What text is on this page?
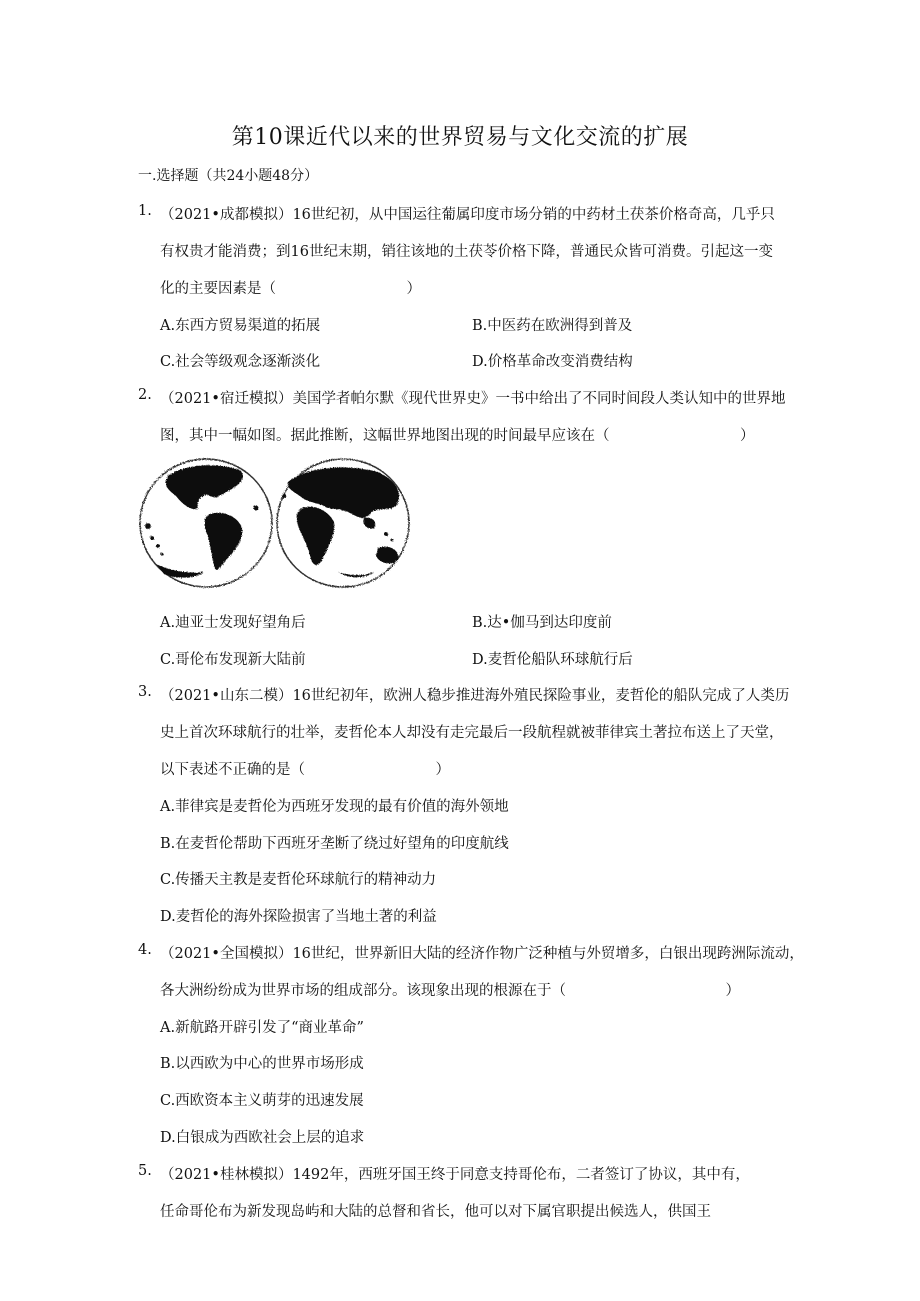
第10课近代以来的世界贸易与文化交流的扩展
一.选择题（共24小题48分）
1. （2021•成都模拟）16世纪初，从中国运往葡属印度市场分销的中药材土茯茶价格奇高，几乎只
有权贵才能消费；到16世纪末期，销往该地的土茯苓价格下降，普通民众皆可消费。引起这一变
化的主要因素是（　　　　　　　　　）
A.东西方贸易渠道的拓展	B.中医药在欧洲得到普及
C.社会等级观念逐渐淡化	D.价格革命改变消费结构
2. （2021•宿迁模拟）美国学者帕尔默《现代世界史》一书中给出了不同时间段人类认知中的世界地
图，其中一幅如图。据此推断，这幅世界地图出现的时间最早应该在（　　　　　　　　　）
A.迪亚士发现好望角后	B.达•伽马到达印度前
C.哥伦布发现新大陆前	D.麦哲伦船队环球航行后
3. （2021•山东二模）16世纪初年，欧洲人稳步推进海外殖民探险事业，麦哲伦的船队完成了人类历
史上首次环球航行的壮举，麦哲伦本人却没有走完最后一段航程就被菲律宾土著拉布送上了天堂，
以下表述不正确的是（　　　　　　　　　）
A.菲律宾是麦哲伦为西班牙发现的最有价值的海外领地
B.在麦哲伦帮助下西班牙垄断了绕过好望角的印度航线
C.传播天主教是麦哲伦环球航行的精神动力
D.麦哲伦的海外探险损害了当地土著的利益
4. （2021•全国模拟）16世纪，世界新旧大陆的经济作物广泛种植与外贸增多，白银出现跨洲际流动，
各大洲纷纷成为世界市场的组成部分。该现象出现的根源在于（　　　　　　　　　　　）
A.新航路开辟引发了“商业革命”
B.以西欧为中心的世界市场形成
C.西欧资本主义萌芽的迅速发展
D.白银成为西欧社会上层的追求
5. （2021•桂林模拟）1492年，西班牙国王终于同意支持哥伦布，二者签订了协议，其中有，
任命哥伦布为新发现岛屿和大陆的总督和省长，他可以对下属官职提出候选人，供国王
